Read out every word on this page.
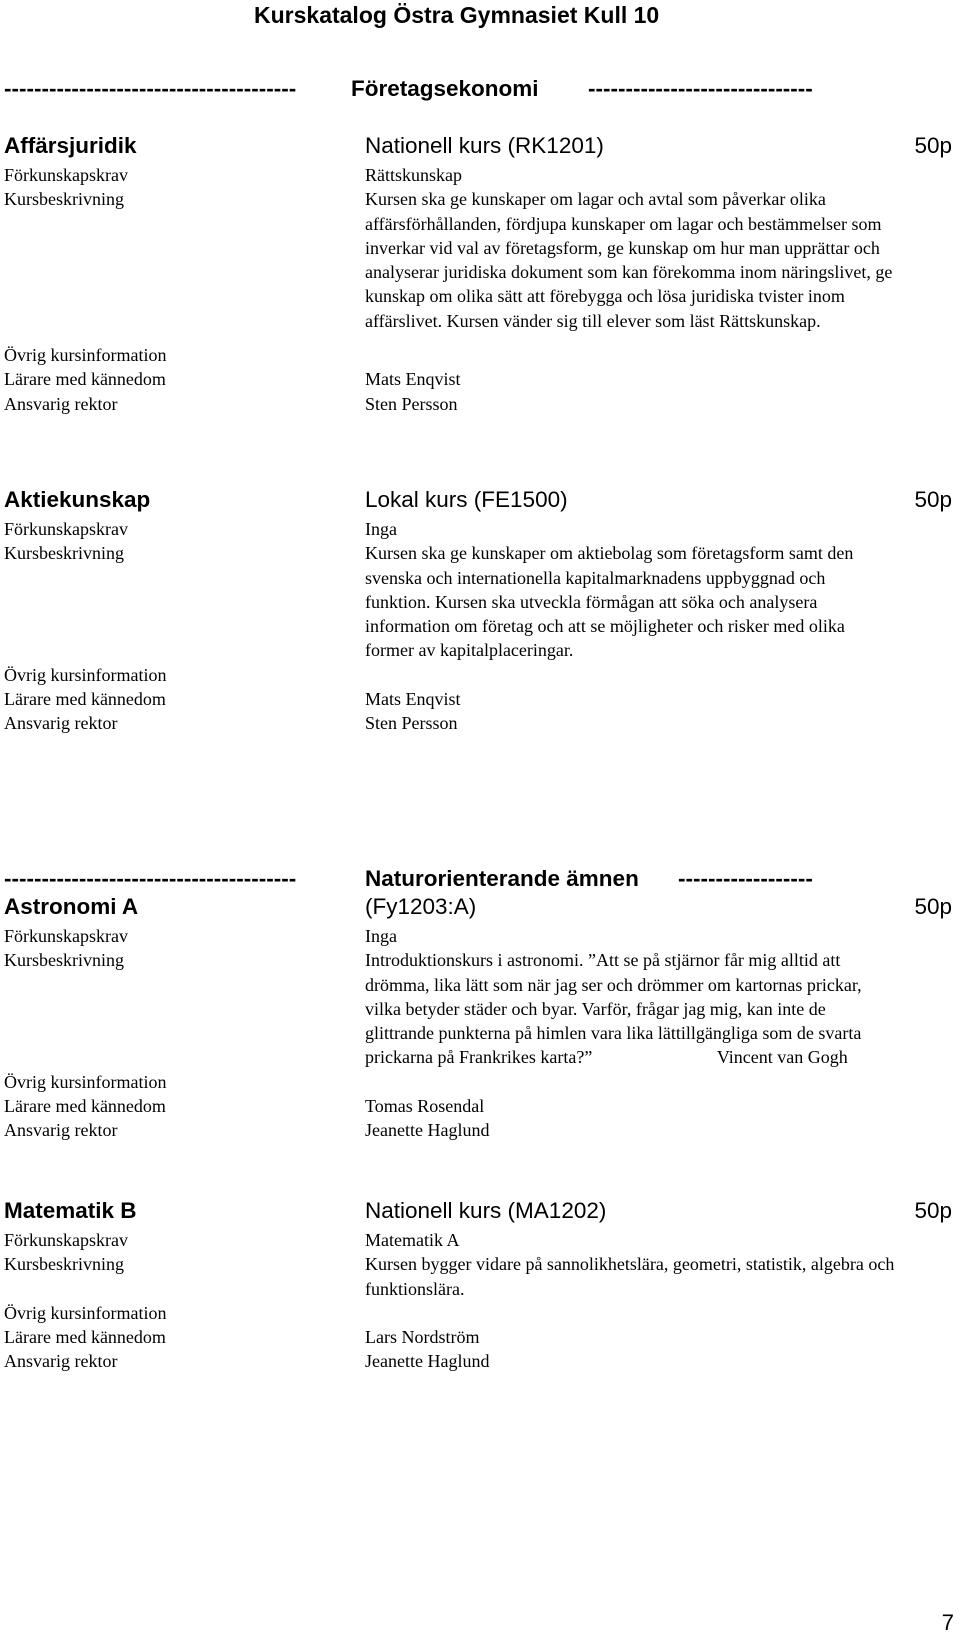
Kurskatalog Östra Gymnasiet Kull 10
--------------------------------------- Företagsekonomi ------------------------------
Affärsjuridik	Nationell kurs (RK1201)	50p
Förkunskapskrav	Rättskunskap
Kursbeskrivning	Kursen ska ge kunskaper om lagar och avtal som påverkar olika affärsförhållanden, fördjupa kunskaper om lagar och bestämmelser som inverkar vid val av företagsform, ge kunskap om hur man upprättar och analyserar juridiska dokument som kan förekomma inom näringslivet, ge kunskap om olika sätt att förebygga och lösa juridiska tvister inom affärslivet. Kursen vänder sig till elever som läst Rättskunskap.
Övrig kursinformation
Lärare med kännedom	Mats Enqvist
Ansvarig rektor	Sten Persson
Aktiekunskap	Lokal kurs (FE1500)	50p
Förkunskapskrav	Inga
Kursbeskrivning	Kursen ska ge kunskaper om aktiebolag som företagsform samt den svenska och internationella kapitalmarknadens uppbyggnad och funktion. Kursen ska utveckla förmågan att söka och analysera information om företag och att se möjligheter och risker med olika former av kapitalplaceringar.
Övrig kursinformation
Lärare med kännedom	Mats Enqvist
Ansvarig rektor	Sten Persson
---------------------------------------	Naturorienterande ämnen ------------------
Astronomi A	(Fy1203:A)	50p
Förkunskapskrav	Inga
Kursbeskrivning	Introduktionskurs i astronomi. ”Att se på stjärnor får mig alltid att drömma, lika lätt som när jag ser och drömmer om kartornas prickar, vilka betyder städer och byar. Varför, frågar jag mig, kan inte de glittrande punkterna på himlen vara lika lättillgängliga som de svarta prickarna på Frankrikes karta?”	Vincent van Gogh
Övrig kursinformation
Lärare med kännedom	Tomas Rosendal
Ansvarig rektor	Jeanette Haglund
Matematik B	Nationell kurs (MA1202)	50p
Förkunskapskrav	Matematik A
Kursbeskrivning	Kursen bygger vidare på sannolikhetslära, geometri, statistik, algebra och funktionslära.
Övrig kursinformation
Lärare med kännedom	Lars Nordström
Ansvarig rektor	Jeanette Haglund
7
